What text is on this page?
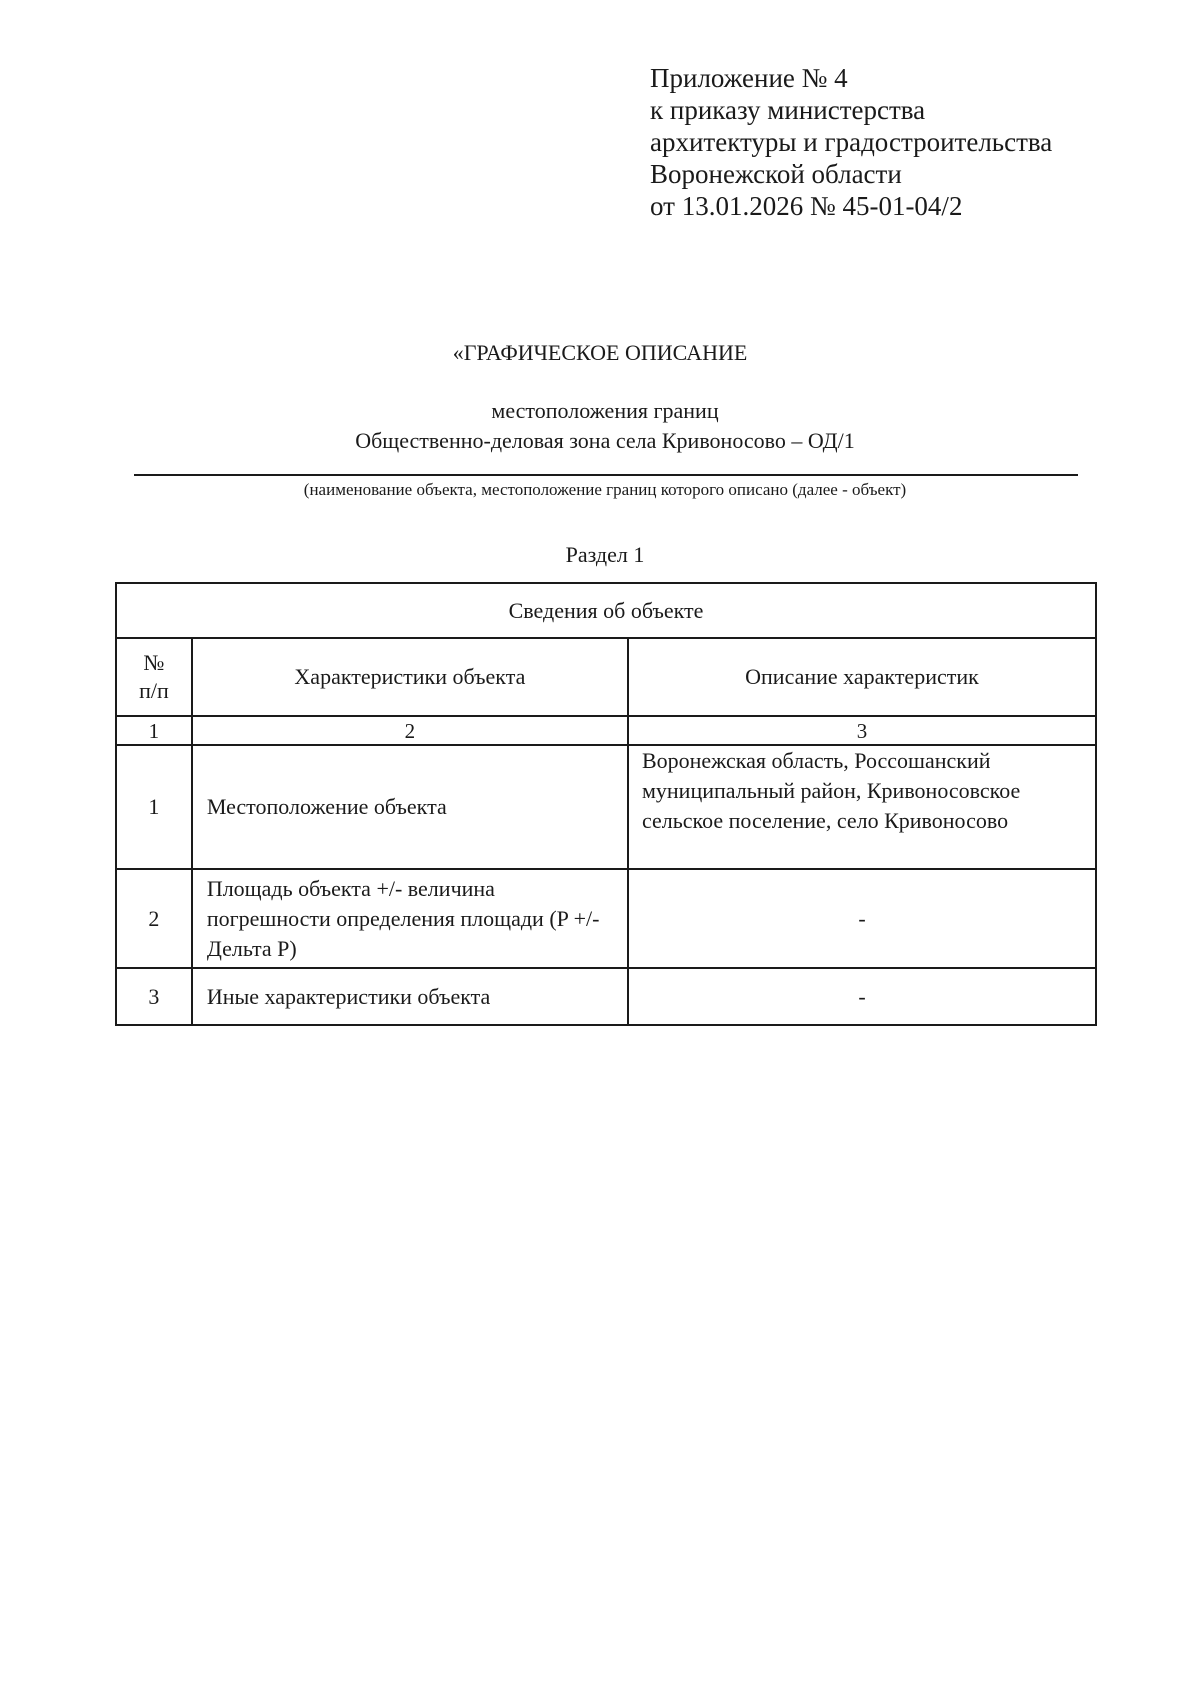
Приложение № 4
к приказу министерства
архитектуры и градостроительства
Воронежской области
от 13.01.2026 № 45-01-04/2
«ГРАФИЧЕСКОЕ ОПИСАНИЕ
местоположения границ
Общественно-деловая зона села Кривоносово – ОД/1
(наименование объекта, местоположение границ которого описано (далее - объект)
Раздел 1
Сведения об объекте		

№
п/п	Характеристики объекта	Описание характеристик
1	2	3
1	Местоположение объекта	Воронежская область, Россошанский муниципальный район, Кривоносовское сельское поселение, село Кривоносово
2	Площадь объекта +/- величина погрешности определения площади (P +/- Дельта P)	-
3	Иные характеристики объекта	-
